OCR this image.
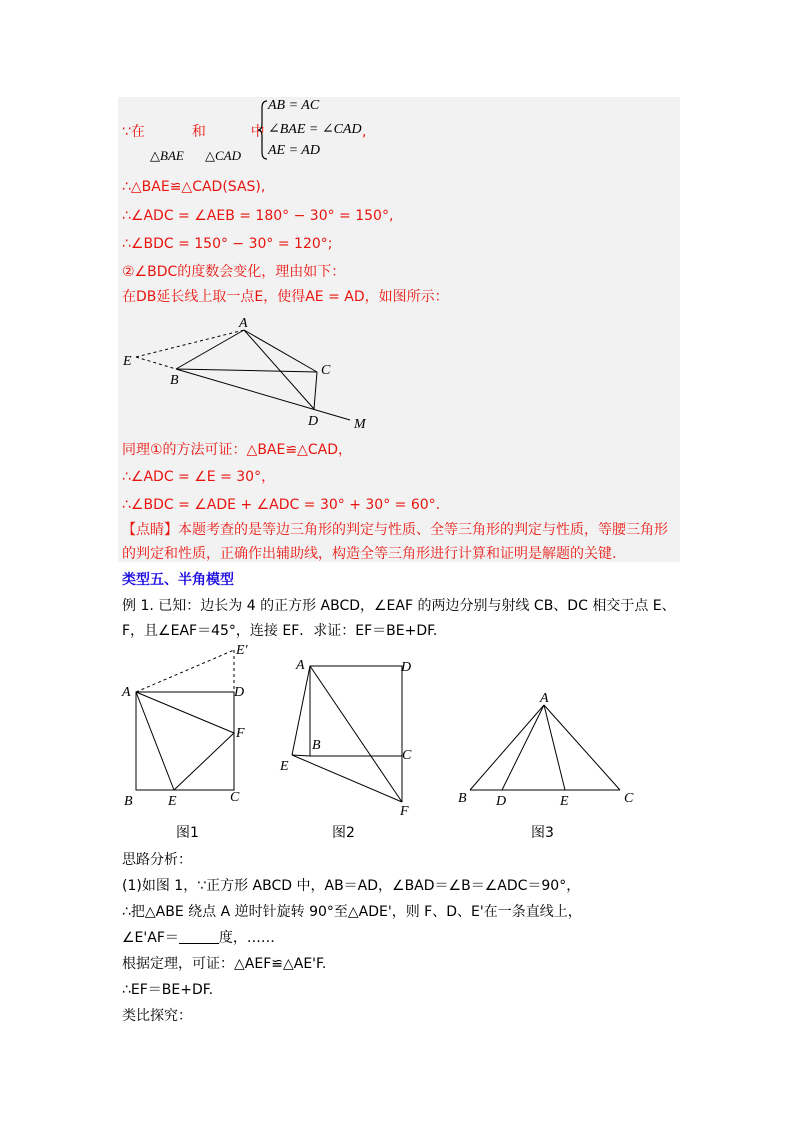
∵在	和	中
△BAE △CAD
AB = AC
∠BAE = ∠CAD
AE = AD
,
∴△BAE≌△CAD(SAS),
∴∠ADC = ∠AEB = 180° − 30° = 150°,
∴∠BDC = 150° − 30° = 120°;
②∠BDC的度数会变化，理由如下：
在DB延长线上取一点E，使得AE = AD，如图所示：
A
E
B
C
D	M
同理①的方法可证：△BAE≌△CAD，
∴∠ADC = ∠E = 30°，
∴∠BDC = ∠ADE + ∠ADC = 30° + 30° = 60°.
【点睛】本题考查的是等边三角形的判定与性质、全等三角形的判定与性质，等腰三角形
的判定和性质，正确作出辅助线，构造全等三角形进行计算和证明是解题的关键.
类型五、半角模型
例 1. 已知：边长为 4 的正方形 ABCD，∠EAF 的两边分别与射线 CB、DC 相交于点 E、
F，且∠EAF＝45°，连接 EF．求证：EF＝BE+DF.
A
E'
D
F
B	E	C
图1
A	D
B
C
E
F
图2
A
B D	E	C
图3
思路分析：
(1)如图 1，∵正方形 ABCD 中，AB＝AD，∠BAD＝∠B＝∠ADC＝90°，
∴把△ABE 绕点 A 逆时针旋转 90°至△ADE'，则 F、D、E'在一条直线上，
∠E'AF＝	度，……
根据定理，可证：△AEF≌△AE'F.
∴EF＝BE+DF.
类比探究：
